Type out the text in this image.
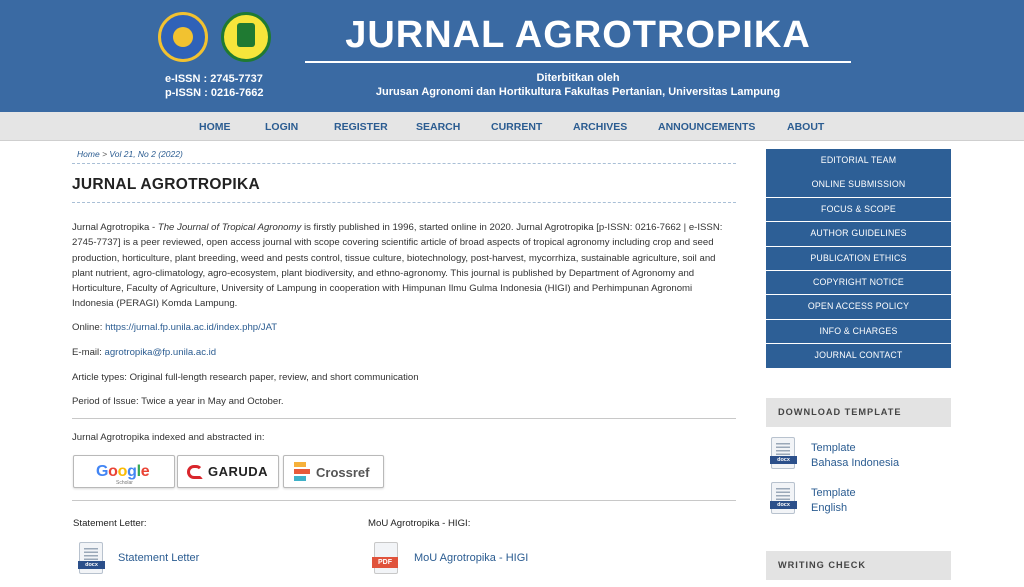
e-ISSN : 2745-7737
p-ISSN : 0216-7662
JURNAL AGROTROPIKA
Diterbitkan oleh
Jurusan Agronomi dan Hortikultura Fakultas Pertanian, Universitas Lampung
HOME	LOGIN	REGISTER	SEARCH	CURRENT	ARCHIVES	ANNOUNCEMENTS	ABOUT
Home > Vol 21, No 2 (2022)
JURNAL AGROTROPIKA
Jurnal Agrotropika - The Journal of Tropical Agronomy is firstly published in 1996, started online in 2020. Jurnal Agrotropika [p-ISSN: 0216-7662 | e-ISSN: 2745-7737] is a peer reviewed, open access journal with scope covering scientific article of broad aspects of tropical agronomy including crop and seed production, horticulture, plant breeding, weed and pests control, tissue culture, biotechnology, post-harvest, mycorrhiza, sustainable agriculture, soil and plant nutrient, agro-climatology, agro-ecosystem, plant biodiversity, and ethno-agronomy. This journal is published by Department of Agronomy and Horticulture, Faculty of Agriculture, University of Lampung in cooperation with Himpunan Ilmu Gulma Indonesia (HIGI) and Perhimpunan Agronomi Indonesia (PERAGI) Komda Lampung.
Online: https://jurnal.fp.unila.ac.id/index.php/JAT
E-mail: agrotropika@fp.unila.ac.id
Article types: Original full-length research paper, review, and short communication
Period of Issue: Twice a year in May and October.
Jurnal Agrotropika indexed and abstracted in:
Google
Scholar
GARUDA	Crossref
Statement Letter:	MoU Agrotropika - HIGI:
docx
Statement Letter	PDF	MoU Agrotropika - HIGI
EDITORIAL TEAM
ONLINE SUBMISSION
FOCUS & SCOPE
AUTHOR GUIDELINES
PUBLICATION ETHICS
COPYRIGHT NOTICE
OPEN ACCESS POLICY
INFO & CHARGES
JOURNAL CONTACT
DOWNLOAD TEMPLATE
docx
Template
Bahasa Indonesia
docx
Template
English
WRITING CHECK
